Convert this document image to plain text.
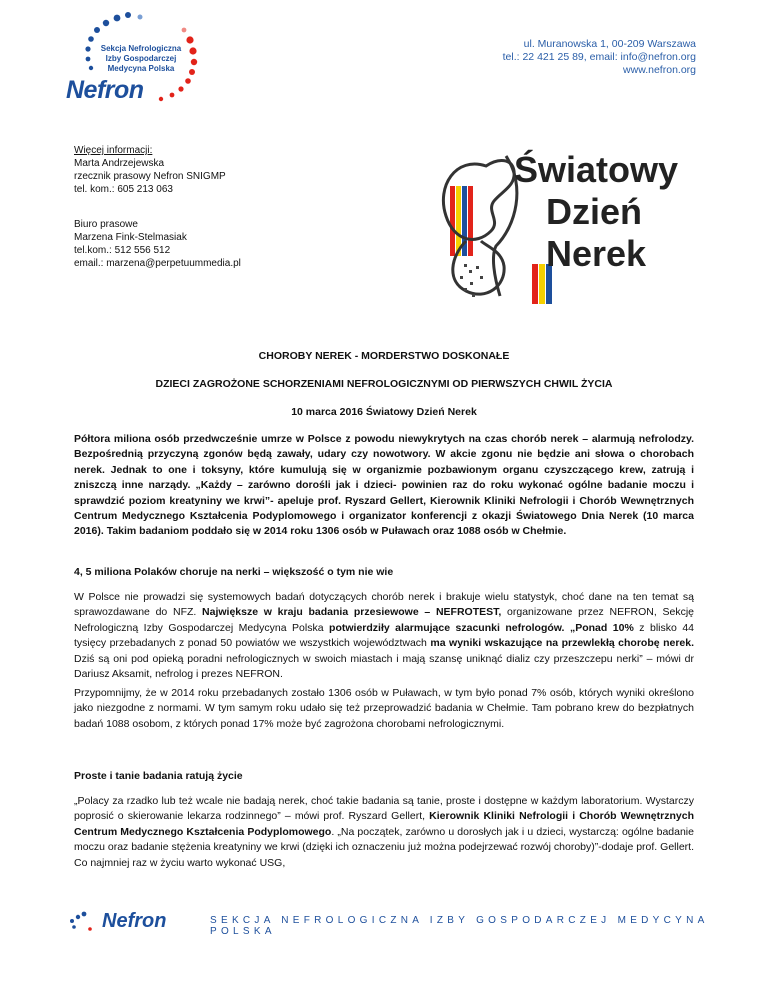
Sekcja Nefrologiczna Izby Gospodarczej Medycyna Polska
Nefron
ul. Muranowska 1, 00-209 Warszawa
tel.: 22 421 25 89, email: info@nefron.org
www.nefron.org
Więcej informacji:
Marta Andrzejewska
rzecznik prasowy Nefron SNIGMP
tel. kom.: 605 213 063
Biuro prasowe
Marzena Fink-Stelmasiak
tel.kom.: 512 556 512
email.: marzena@perpetuummedia.pl
Światowy
Dzień
Nerek
CHOROBY NEREK - MORDERSTWO DOSKONAŁE
DZIECI ZAGROŻONE SCHORZENIAMI NEFROLOGICZNYMI OD PIERWSZYCH CHWIL ŻYCIA
10 marca 2016 Światowy Dzień Nerek
Półtora miliona osób przedwcześnie umrze w Polsce z powodu niewykrytych na czas chorób nerek – alarmują nefrolodzy. Bezpośrednią przyczyną zgonów będą zawały, udary czy nowotwory. W akcie zgonu nie będzie ani słowa o chorobach nerek. Jednak to one i toksyny, które kumulują się w organizmie pozbawionym organu czyszczącego krew, zatrują i zniszczą inne narządy. „Każdy – zarówno dorośli jak i dzieci- powinien raz do roku wykonać ogólne badanie moczu i sprawdzić poziom kreatyniny we krwi”- apeluje prof. Ryszard Gellert, Kierownik Kliniki Nefrologii i Chorób Wewnętrznych Centrum Medycznego Kształcenia Podyplomowego i organizator konferencji z okazji Światowego Dnia Nerek (10 marca 2016). Takim badaniom poddało się w 2014 roku 1306 osób w Puławach oraz 1088 osób w Chełmie.
4, 5 miliona Polaków choruje na nerki – większość o tym nie wie
W Polsce nie prowadzi się systemowych badań dotyczących chorób nerek i brakuje wielu statystyk, choć dane na ten temat są sprawozdawane do NFZ. Największe w kraju badania przesiewowe – NEFROTEST, organizowane przez NEFRON, Sekcję Nefrologiczną Izby Gospodarczej Medycyna Polska potwierdziły alarmujące szacunki nefrologów. „Ponad 10% z blisko 44 tysięcy przebadanych z ponad 50 powiatów we wszystkich województwach ma wyniki wskazujące na przewlekłą chorobę nerek. Dziś są oni pod opieką poradni nefrologicznych w swoich miastach i mają szansę uniknąć dializ czy przeszczepu nerki” – mówi dr Dariusz Aksamit, nefrolog i prezes NEFRON.
Przypomnijmy, że w 2014 roku przebadanych zostało 1306 osób w Puławach, w tym było ponad 7% osób, których wyniki określono jako niezgodne z normami. W tym samym roku udało się też przeprowadzić badania w Chełmie. Tam pobrano krew do bezpłatnych badań 1088 osobom, z których ponad 17% może być zagrożona chorobami nefrologicznymi.
Proste i tanie badania ratują życie
„Polacy za rzadko lub też wcale nie badają nerek, choć takie badania są tanie, proste i dostępne w każdym laboratorium. Wystarczy poprosić o skierowanie lekarza rodzinnego” – mówi prof. Ryszard Gellert, Kierownik Kliniki Nefrologii i Chorób Wewnętrznych Centrum Medycznego Kształcenia Podyplomowego. „Na początek, zarówno u dorosłych jak i u dzieci, wystarczą: ogólne badanie moczu oraz badanie stężenia kreatyniny we krwi (dzięki ich oznaczeniu już można podejrzewać rozwój choroby)”-dodaje prof. Gellert. Co najmniej raz w życiu warto wykonać USG,
Nefron	SEKCJA NEFROLOGICZNA IZBY GOSPODARCZEJ MEDYCYNA POLSKA
